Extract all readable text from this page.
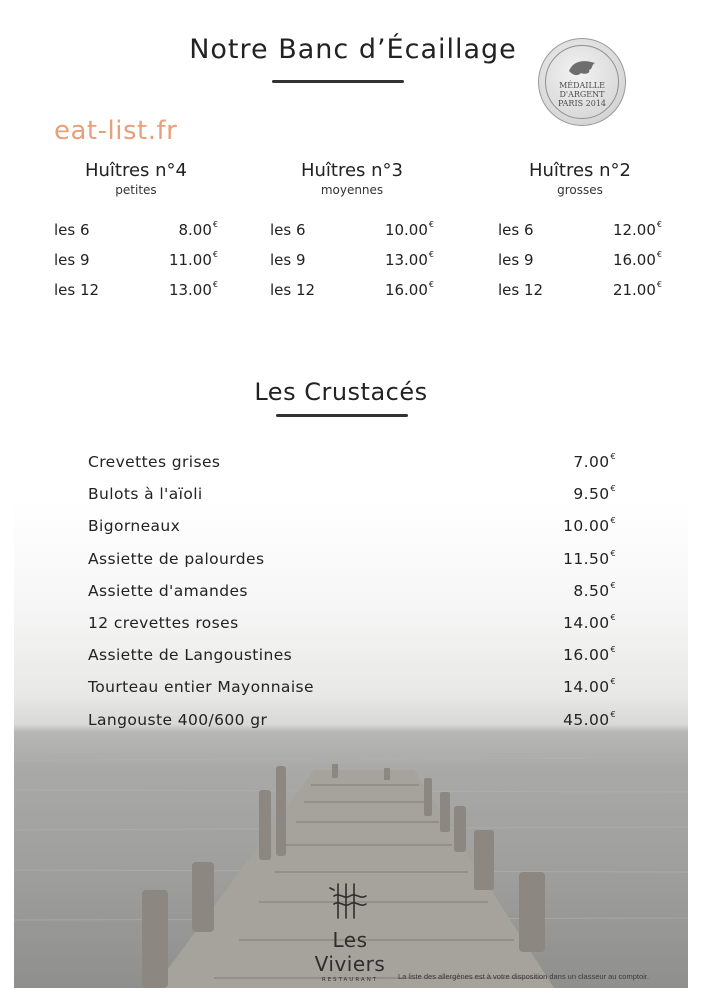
Notre Banc d’Écaillage
MÉDAILLE
D'ARGENT
PARIS 2014
eat-list.fr
Huîtres n°4
petites
les 6	8.00€
les 9	11.00€
les 12	13.00€
Huîtres n°3
moyennes
les 6	10.00€
les 9	13.00€
les 12	16.00€
Huîtres n°2
grosses
les 6	12.00€
les 9	16.00€
les 12	21.00€
Les Crustacés
Crevettes grises	7.00€
Bulots à l'aïoli	9.50€
Bigorneaux	10.00€
Assiette de palourdes	11.50€
Assiette d'amandes	8.50€
12 crevettes roses	14.00€
Assiette de Langoustines	16.00€
Tourteau entier Mayonnaise	14.00€
Langouste 400/600 gr	45.00€
Les Viviers
RESTAURANT	La liste des allergènes est à votre disposition dans un classeur au comptoir.
